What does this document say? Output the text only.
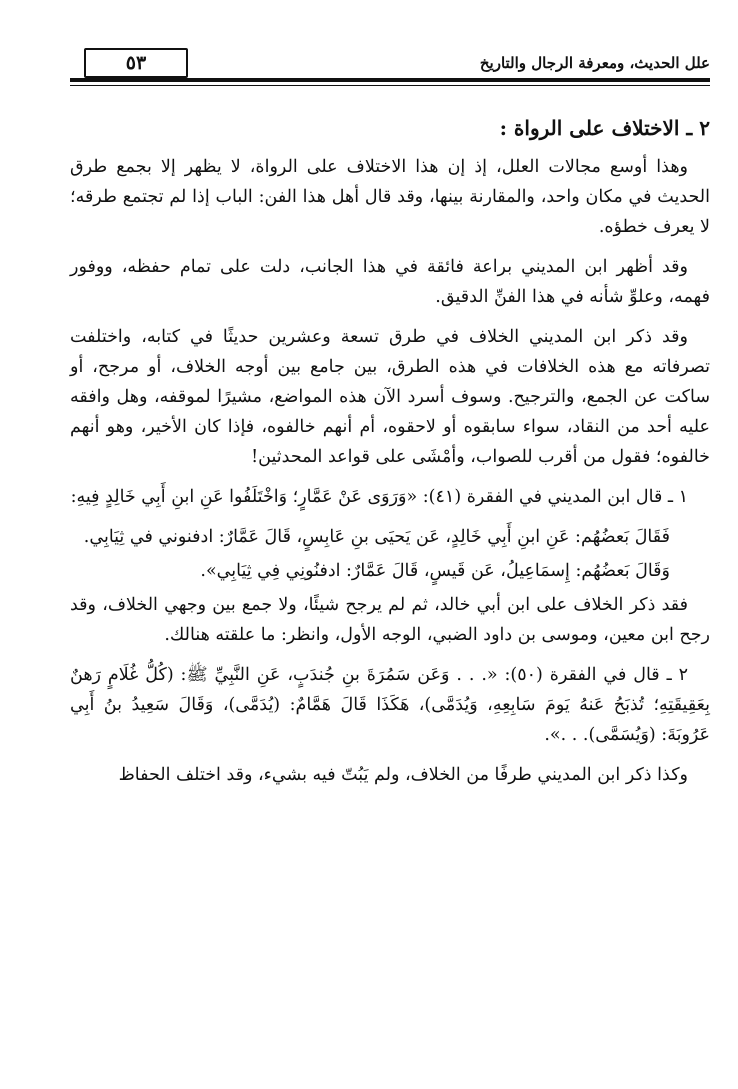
٥٣	علل الحديث، ومعرفة الرجال والتاريخ
٢ ـ الاختلاف على الرواة :

وهذا أوسع مجالات العلل، إذ إن هذا الاختلاف على الرواة، لا يظهر إلا بجمع طرق الحديث في مكان واحد، والمقارنة بينها، وقد قال أهل هذا الفن: الباب إذا لم تجتمع طرقه؛ لا يعرف خطؤه.

وقد أظهر ابن المديني براعة فائقة في هذا الجانب، دلت على تمام حفظه، ووفور فهمه، وعلوِّ شأنه في هذا الفنِّ الدقيق.

وقد ذكر ابن المديني الخلاف في طرق تسعة وعشرين حديثًا في كتابه، واختلفت تصرفاته مع هذه الخلافات في هذه الطرق، بين جامع بين أوجه الخلاف، أو مرجح، أو ساكت عن الجمع، والترجيح. وسوف أسرد الآن هذه المواضع، مشيرًا لموقفه، وهل وافقه عليه أحد من النقاد، سواء سابقوه أو لاحقوه، أم أنهم خالفوه، فإذا كان الأخير، وهو أنهم خالفوه؛ فقول من أقرب للصواب، وأمْشَى على قواعد المحدثين!

١ ـ قال ابن المديني في الفقرة (٤١): «وَرَوَى عَنْ عَمَّارٍ؛ وَاخْتَلَفُوا عَنِ ابنِ أَبِي خَالِدٍ فِيهِ:

فَقَالَ بَعضُهُم: عَنِ ابنِ أَبِي خَالِدٍ، عَن يَحيَى بنِ عَابِسٍ، قَالَ عَمَّارٌ: ادفنوني في ثِيَابِي.

وَقَالَ بَعضُهُم: إِسمَاعِيلُ، عَن قَيسٍ، قَالَ عَمَّارٌ: ادفنُونِي فِي ثِيَابِي».

فقد ذكر الخلاف على ابن أبي خالد، ثم لم يرجح شيئًا، ولا جمع بين وجهي الخلاف، وقد رجح ابن معين، وموسى بن داود الضبي، الوجه الأول، وانظر: ما علقته هنالك.

٢ ـ قال في الفقرة (٥٠): «. . . وَعَن سَمُرَةَ بنِ جُندَبٍ، عَنِ النَّبِيِّ ﷺ: (كُلُّ غُلَامٍ رَهنٌ بِعَقِيقَتِهِ؛ تُذبَحُ عَنهُ يَومَ سَابِعِهِ، وَيُدَمَّى)، هَكَذَا قَالَ هَمَّامٌ: (يُدَمَّى)، وَقَالَ سَعِيدُ بنُ أَبِي عَرُوبَةَ: (وَيُسَمَّى). . .».

وكذا ذكر ابن المديني طرفًا من الخلاف، ولم يَبُتّ فيه بشيء، وقد اختلف الحفاظ
